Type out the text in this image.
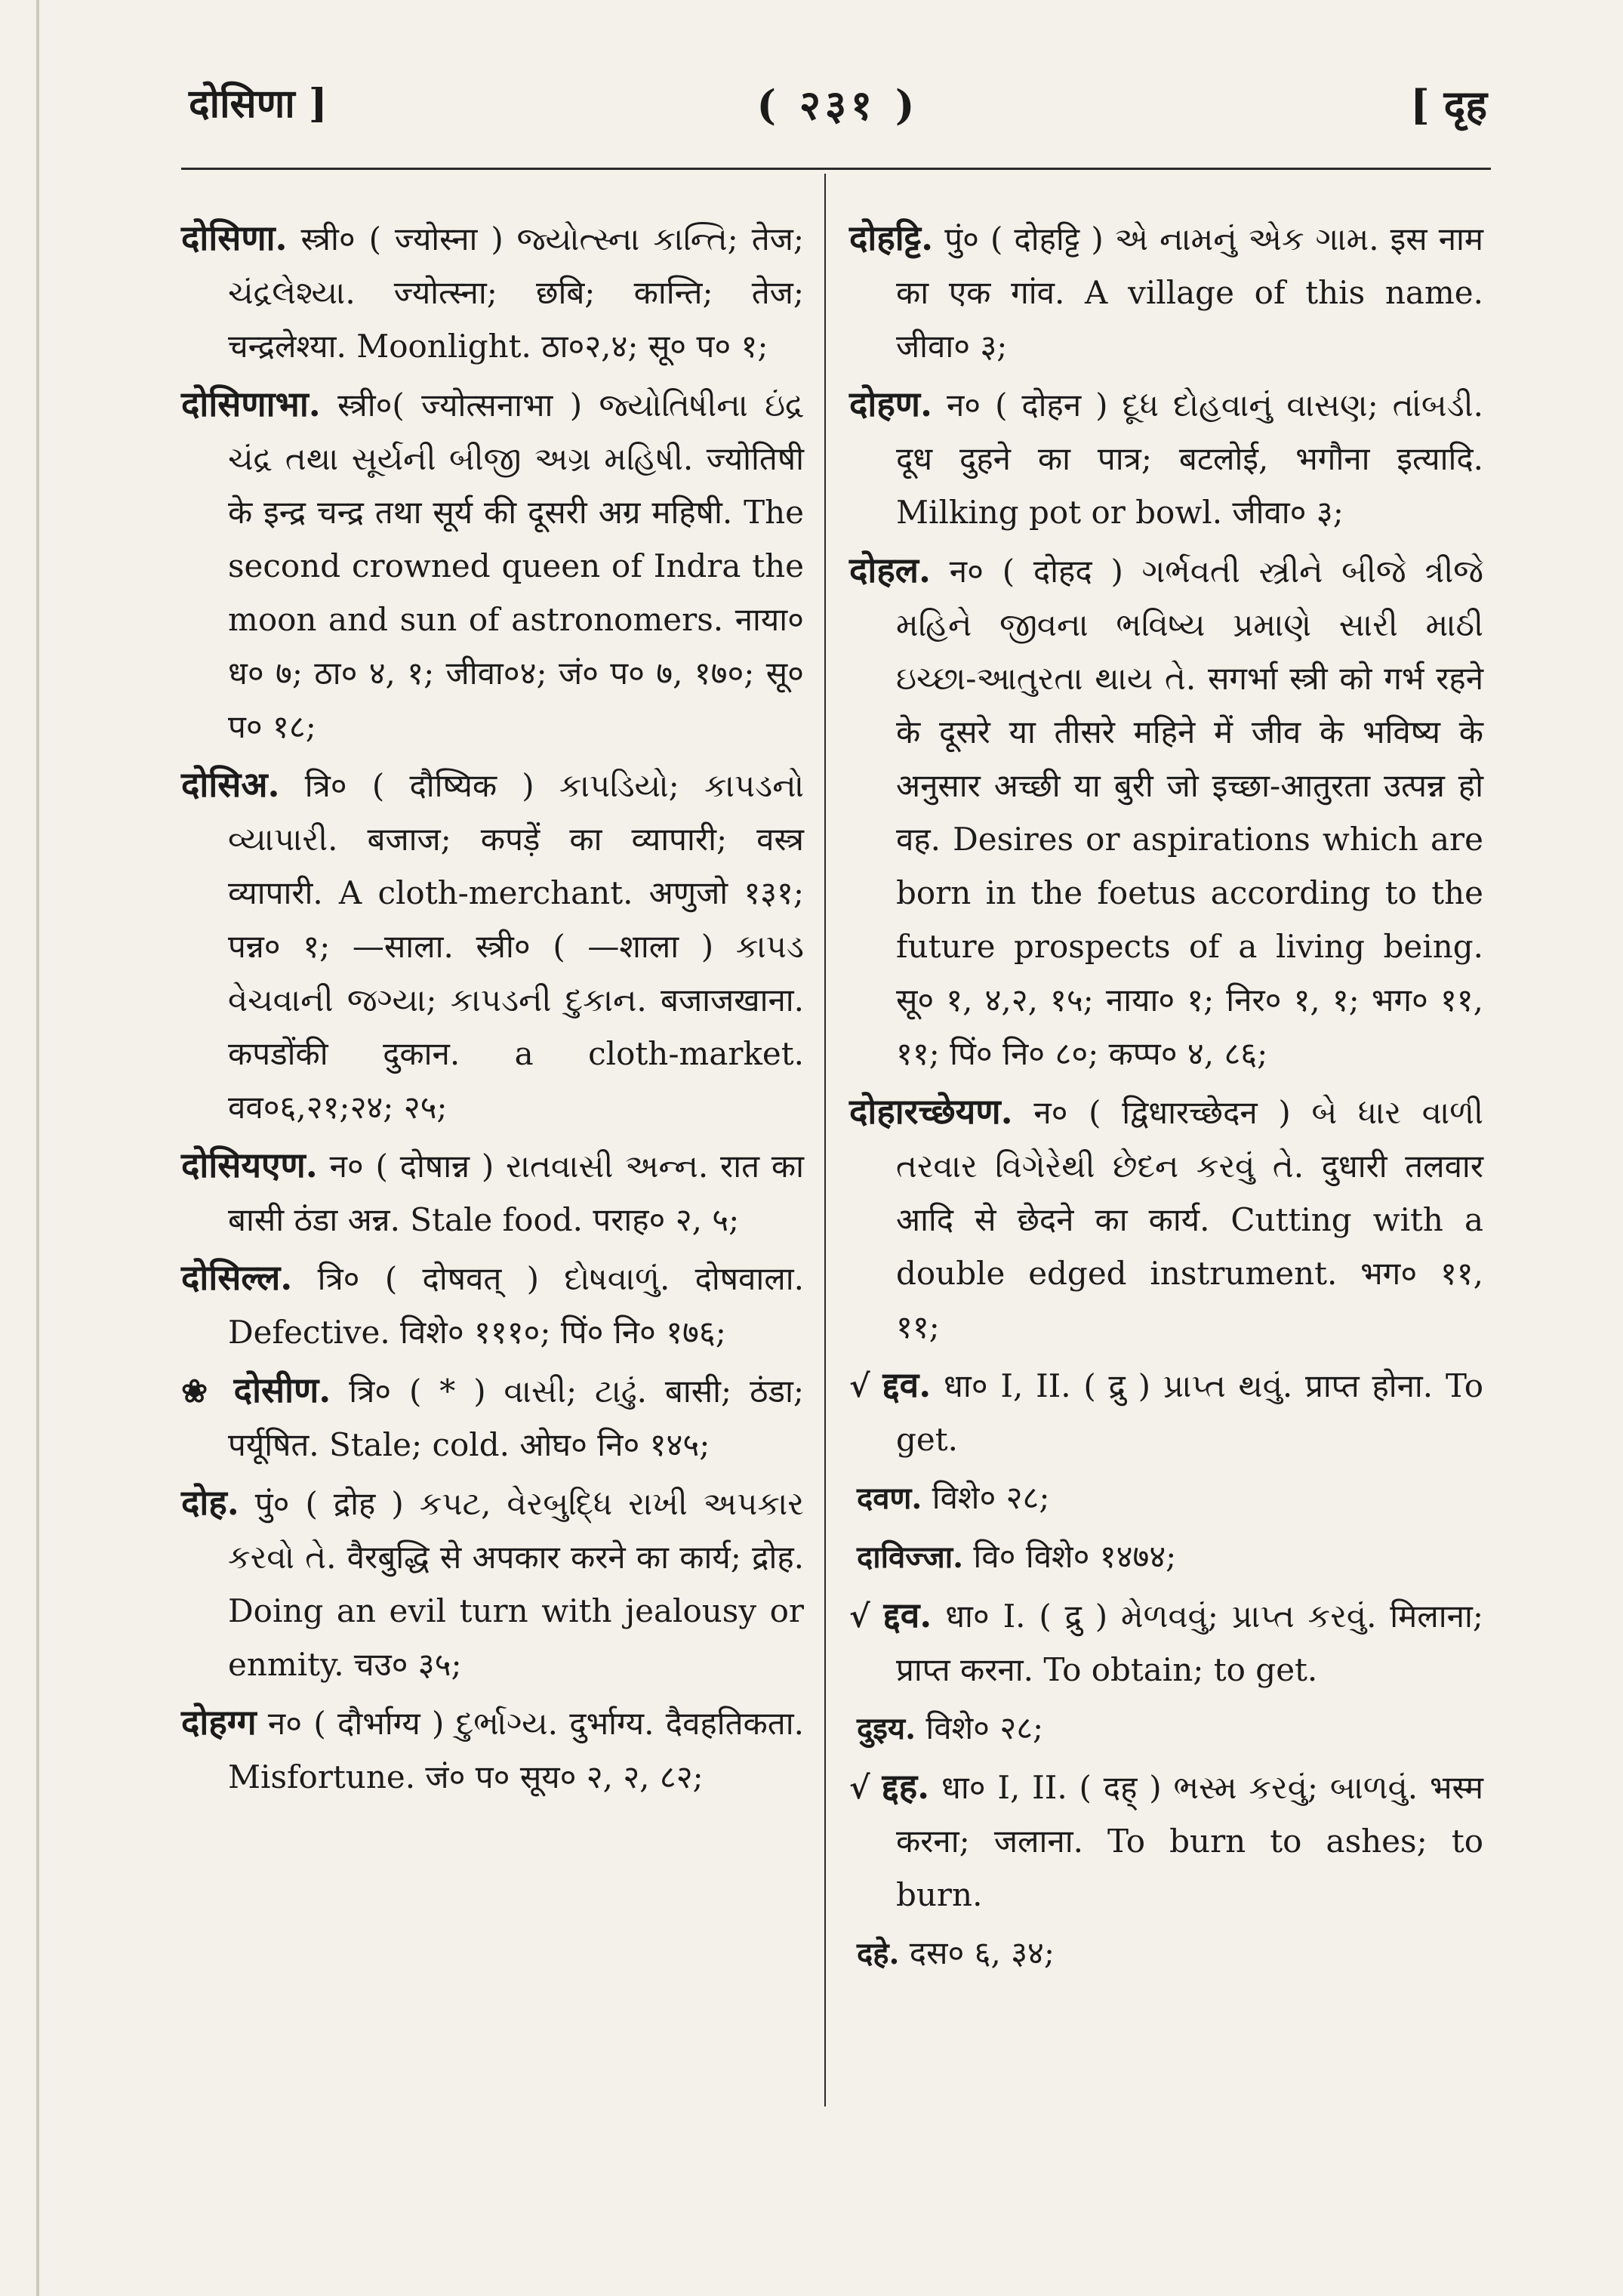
दोसिणा ]	( २३१ )	[ दृह
दोसिणा. स्त्री० ( ज्योस्ना ) જ્યોત્સ્ના કાન્તિ; तेज; ચંદ્રલેશ્યા. ज्योत्स्ना; छबि; कान्ति; तेज; चन्द्रलेश्या. Moonlight. ठा०२,४; सू० प० १;
दोसिणाभा. स्त्री०( ज्योत्सनाभा ) જ્યોતિષીના ઇંદ્ર ચંદ્ર તથા સૂર્યની બીજી અગ્ર મહિષી. ज्योतिषी के इन्द्र चन्द्र तथा सूर्य की दूसरी अग्र महिषी. The second crowned queen of Indra the moon and sun of astronomers. नाया० ध० ७; ठा० ४, १; जीवा०४; जं० प० ७, १७०; सू० प० १८;
दोसिअ. त्रि० ( दौष्यिक ) કાપડિયો; કાપડનો વ્યાપારી. बजाज; कपड़ें का व्यापारी; वस्त्र व्यापारी. A cloth-merchant. अणुजो १३१; पन्न० १; —साला. स्त्री० ( —शाला ) કાપડ વેચવાની જગ્યા; કાપડની દુકાન. बजाजखाना. कपडोंकी दुकान. a cloth-market. वव०६,२१;२४; २५;
दोसियएण. न० ( दोषान्न ) રાતવાસી અન્ન. रात का बासी ठंडा अन्न. Stale food. पराह० २, ५;
दोसिल्ल. त्रि० ( दोषवत् ) દોષવાળું. दोषवाला. Defective. विशे० १११०; पिं० नि० १७६;
❀ दोसीण. त्रि० ( * ) વાસી; ટાઢું. बासी; ठंडा; पर्यूषित. Stale; cold. ओघ० नि० १४५;
दोह. पुं० ( द्रोह ) કપટ, વેરબુદ્ધિ રાખી અપકાર કરવો તે. वैरबुद्धि से अपकार करने का कार्य; द्रोह. Doing an evil turn with jealousy or enmity. चउ० ३५;
दोहग्ग न० ( दौर्भाग्य ) દુર્ભાગ્ય. दुर्भाग्य. दैवहतिकता. Misfortune. जं० प० सूय० २, २, ८२;
दोहट्टि. पुं० ( दोहट्टि ) એ નામનું એક ગામ. इस नाम का एक गांव. A village of this name. जीवा० ३;
दोहण. न० ( दोहन ) દૂધ દોહવાનું વાસણ; તાંબડી. दूध दुहने का पात्र; बटलोई, भगौना इत्यादि. Milking pot or bowl. जीवा० ३;
दोहल. न० ( दोहद ) ગર્ભવતી સ્ત્રીને બીજે ત્રીજે મહિને જીવના ભવિષ્ય પ્રમાણે સારી માઠી ઇચ્છા-આતુરતા થાય તે. सगर्भा स्त्री को गर्भ रहने के दूसरे या तीसरे महिने में जीव के भविष्य के अनुसार अच्छी या बुरी जो इच्छा-आतुरता उत्पन्न हो वह. Desires or aspirations which are born in the foetus according to the future prospects of a living being. सू० १, ४,२, १५; नाया० १; निर० १, १; भग० ११, ११; पिं० नि० ८०; कप्प० ४, ८६;
दोहारच्छेयण. न० ( द्विधारच्छेदन ) બે ધાર વાળી તરવાર વિગેરેથી છેદન કરવું તે. दुधारी तलवार आदि से छेदने का कार्य. Cutting with a double edged instrument. भग० ११, ११;
√ द्दव. धा० I, II. ( द्रु ) પ્રાપ્ત થવું. प्राप्त होना. To get.
दवण. विशे० २८;
दाविज्जा. वि० विशे० १४७४;
√ द्दव. धा० I. ( द्रु ) મેળવવું; પ્રાપ્ત કરવું. मिलाना; प्राप्त करना. To obtain; to get.
दुइय. विशे० २८;
√ द्दह. धा० I, II. ( दह् ) ભસ્મ કરવું; બાળવું. भस्म करना; जलाना. To burn to ashes; to burn.
दहे. दस० ६, ३४;
